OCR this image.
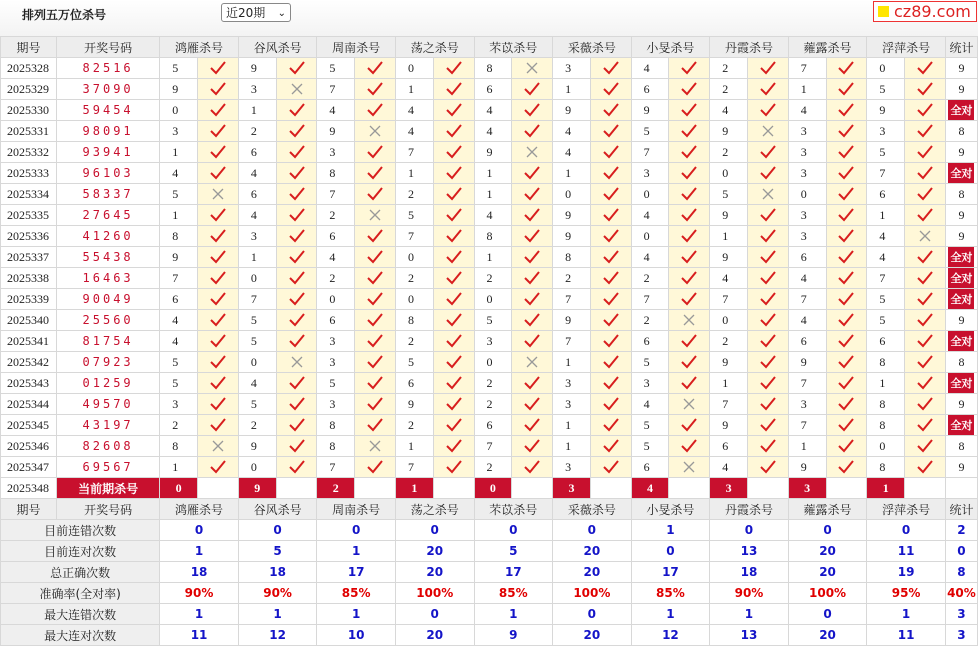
排列五万位杀号	近20期 ⌄	cz89.com
期号	开奖号码	鸿雁杀号		谷风杀号		周南杀号		荡之杀号		芣苡杀号		采薇杀号		小旻杀号		丹霞杀号		蕹露杀号		浮萍杀号		统计
2025328	82516	5		9		5		0		8		3		4		2		7		0		9
2025329	37090	9		3		7		1		6		1		6		2		1		5		9
2025330	59454	0		1		4		4		4		9		9		4		4		9		全对
2025331	98091	3		2		9		4		4		4		5		9		3		3		8
2025332	93941	1		6		3		7		9		4		7		2		3		5		9
2025333	96103	4		4		8		1		1		1		3		0		3		7		全对
2025334	58337	5		6		7		2		1		0		0		5		0		6		8
2025335	27645	1		4		2		5		4		9		4		9		3		1		9
2025336	41260	8		3		6		7		8		9		0		1		3		4		9
2025337	55438	9		1		4		0		1		8		4		9		6		4		全对
2025338	16463	7		0		2		2		2		2		2		4		4		7		全对
2025339	90049	6		7		0		0		0		7		7		7		7		5		全对
2025340	25560	4		5		6		8		5		9		2		0		4		5		9
2025341	81754	4		5		3		2		3		7		6		2		6		6		全对
2025342	07923	5		0		3		5		0		1		5		9		9		8		8
2025343	01259	5		4		5		6		2		3		3		1		7		1		全对
2025344	49570	3		5		3		9		2		3		4		7		3		8		9
2025345	43197	2		2		8		2		6		1		5		9		7		8		全对
2025346	82608	8		9		8		1		7		1		5		6		1		0		8
2025347	69567	1		0		7		7		2		3		6		4		9		8		9
2025348	当前期杀号	0		9		2		1		0		3		4		3		3		1		
期号	开奖号码	鸿雁杀号		谷风杀号		周南杀号		荡之杀号		芣苡杀号		采薇杀号		小旻杀号		丹霞杀号		蕹露杀号		浮萍杀号		统计
目前连错次数		0		0		0		0		0		0		1		0		0		0		2
目前连对次数		1		5		1		20		5		20		0		13		20		11		0
总正确次数		18		18		17		20		17		20		17		18		20		19		8
准确率(全对率)		90%		90%		85%		100%		85%		100%		85%		90%		100%		95%		40%
最大连错次数		1		1		1		0		1		0		1		1		0		1		3
最大连对次数		11		12		10		20		9		20		12		13		20		11		3
